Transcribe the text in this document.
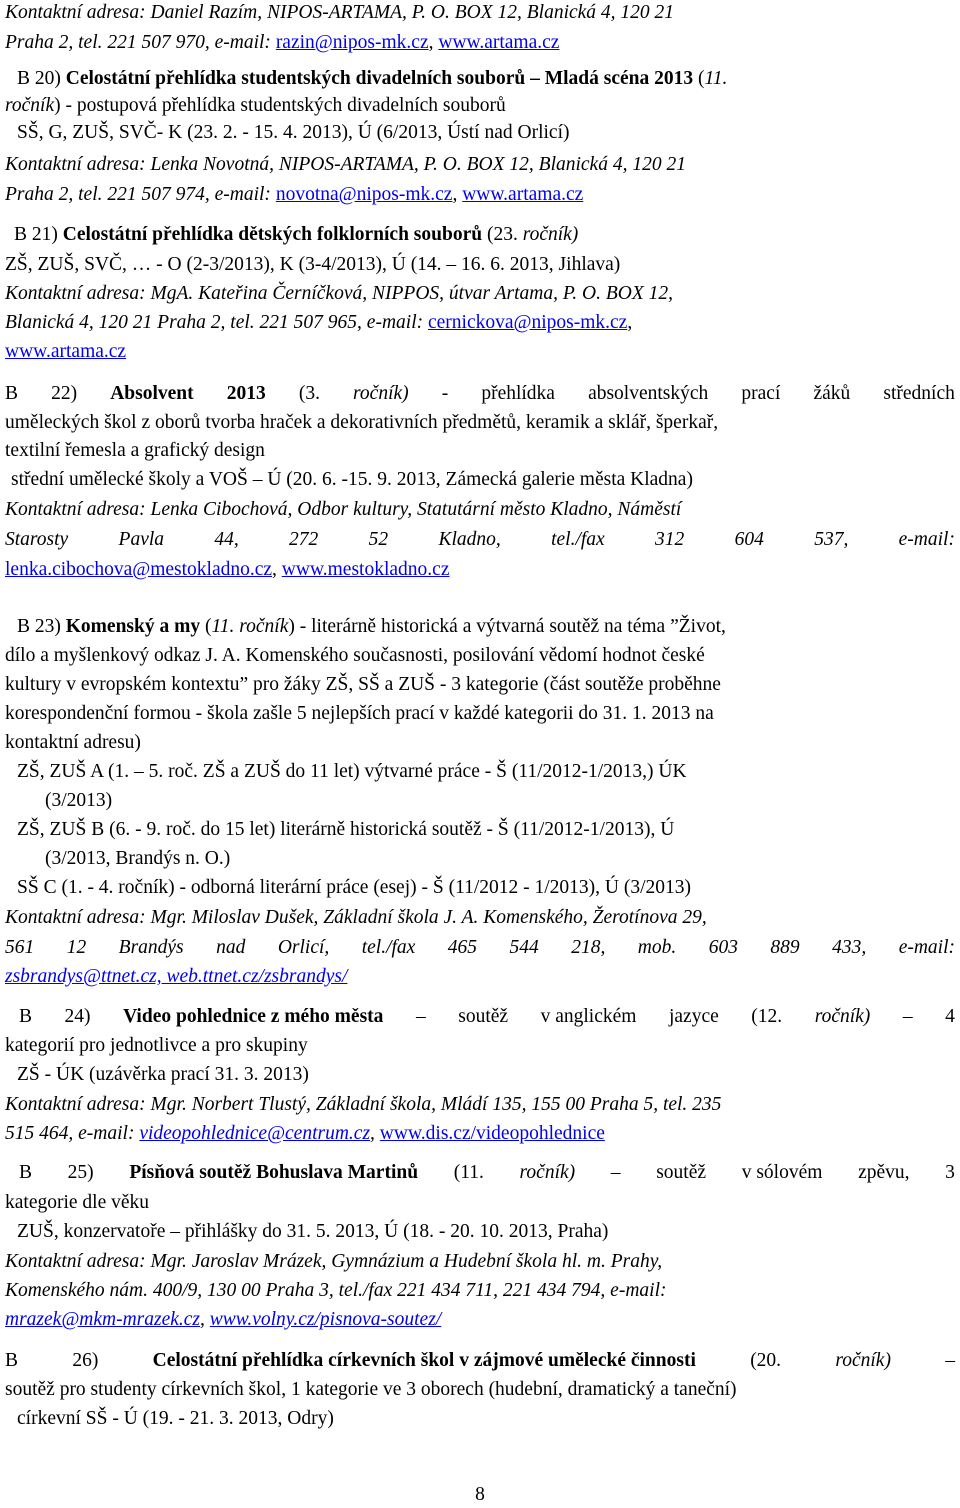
Kontaktní adresa: Daniel Razím, NIPOS-ARTAMA, P. O. BOX 12, Blanická 4, 120 21
Praha 2, tel. 221 507 970, e-mail: razin@nipos-mk.cz, www.artama.cz
B 20) Celostátní přehlídka studentských divadelních souborů – Mladá scéna 2013 (11.
ročník) - postupová přehlídka studentských divadelních souborů
SŠ, G, ZUŠ, SVČ- K (23. 2. - 15. 4. 2013), Ú (6/2013, Ústí nad Orlicí)
Kontaktní adresa: Lenka Novotná, NIPOS-ARTAMA, P. O. BOX 12, Blanická 4, 120 21
Praha 2, tel. 221 507 974, e-mail: novotna@nipos-mk.cz, www.artama.cz
B 21) Celostátní přehlídka dětských folklorních souborů (23. ročník)
ZŠ, ZUŠ, SVČ, … - O (2-3/2013), K (3-4/2013), Ú (14. – 16. 6. 2013, Jihlava)
Kontaktní adresa: MgA. Kateřina Černíčková, NIPPOS, útvar Artama, P. O. BOX 12,
Blanická 4, 120 21 Praha 2, tel. 221 507 965, e-mail: cernickova@nipos-mk.cz,
www.artama.cz
B 22) Absolvent 2013 (3. ročník) - přehlídka absolventských prací žáků středních
uměleckých škol z oborů tvorba hraček a dekorativních předmětů, keramik a sklář, šperkař,
textilní řemesla a grafický design
střední umělecké školy a VOŠ – Ú (20. 6. -15. 9. 2013, Zámecká galerie města Kladna)
Kontaktní adresa: Lenka Cibochová, Odbor kultury, Statutární město Kladno, Náměstí
Starosty	Pavla	44,	272	52	Kladno,	tel./fax	312	604	537,	e-mail:
lenka.cibochova@mestokladno.cz, www.mestokladno.cz
B 23) Komenský a my (11. ročník) - literárně historická a výtvarná soutěž na téma ”Život,
dílo a myšlenkový odkaz J. A. Komenského současnosti, posilování vědomí hodnot české
kultury v evropském kontextu” pro žáky ZŠ, SŠ a ZUŠ - 3 kategorie (část soutěže proběhne
korespondenční formou - škola zašle 5 nejlepších prací v každé kategorii do 31. 1. 2013 na
kontaktní adresu)
ZŠ, ZUŠ A (1. – 5. roč. ZŠ a ZUŠ do 11 let) výtvarné práce - Š (11/2012-1/2013,) ÚK
(3/2013)
ZŠ, ZUŠ B (6. - 9. roč. do 15 let) literárně historická soutěž - Š (11/2012-1/2013), Ú
(3/2013, Brandýs n. O.)
SŠ C (1. - 4. ročník) - odborná literární práce (esej) - Š (11/2012 - 1/2013), Ú (3/2013)
Kontaktní adresa: Mgr. Miloslav Dušek, Základní škola J. A. Komenského, Žerotínova 29,
561 12 Brandýs nad Orlicí, tel./fax 465 544 218, mob. 603 889 433, e-mail:
zsbrandys@ttnet.cz, web.ttnet.cz/zsbrandys/
B 24) Video pohlednice z mého města – soutěž v anglickém jazyce (12. ročník) – 4
kategorií pro jednotlivce a pro skupiny
ZŠ - ÚK (uzávěrka prací 31. 3. 2013)
Kontaktní adresa: Mgr. Norbert Tlustý, Základní škola, Mládí 135, 155 00 Praha 5, tel. 235
515 464, e-mail: videopohlednice@centrum.cz, www.dis.cz/videopohlednice
B 25) Písňová soutěž Bohuslava Martinů (11. ročník) – soutěž v sólovém zpěvu, 3
kategorie dle věku
ZUŠ, konzervatoře – přihlášky do 31. 5. 2013, Ú (18. - 20. 10. 2013, Praha)
Kontaktní adresa: Mgr. Jaroslav Mrázek, Gymnázium a Hudební škola hl. m. Prahy,
Komenského nám. 400/9, 130 00 Praha 3, tel./fax 221 434 711, 221 434 794, e-mail:
mrazek@mkm-mrazek.cz, www.volny.cz/pisnova-soutez/
B	26)	Celostátní přehlídka církevních škol v zájmové umělecké činnosti	(20.	ročník)	–
soutěž pro studenty církevních škol, 1 kategorie ve 3 oborech (hudební, dramatický a taneční)
církevní SŠ - Ú (19. - 21. 3. 2013, Odry)
8
